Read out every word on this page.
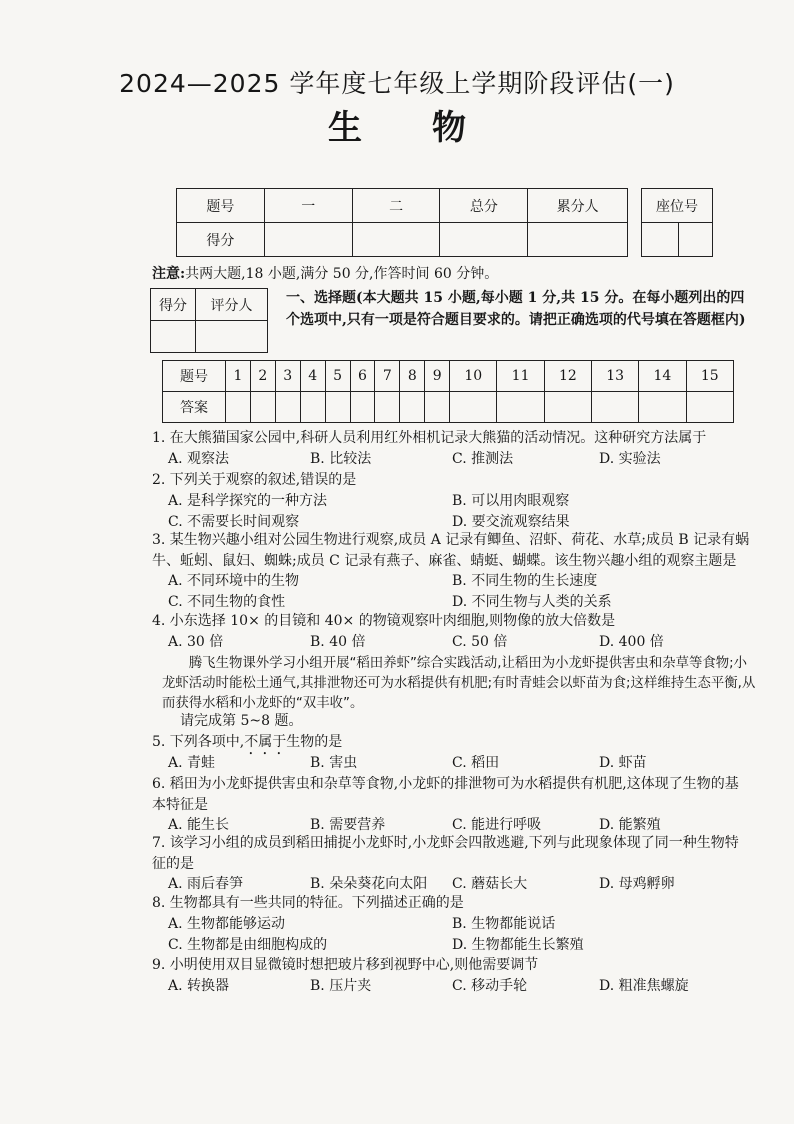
2024—2025 学年度七年级上学期阶段评估(一)
生物
题号	一	二	总分	累分人
得分				
座位号

注意:共两大题,18 小题,满分 50 分,作答时间 60 分钟。
得分	评分人
	一、选择题(本大题共 15 小题,每小题 1 分,共 15 分。在每小题列出的四个选项中,只有一项是符合题目要求的。请把正确选项的代号填在答题框内)
题号	1	2	3	4	5	6	7	8	9	10	11	12	13	14	15
答案															
1. 在大熊猫国家公园中,科研人员利用红外相机记录大熊猫的活动情况。这种研究方法属于
A. 观察法	B. 比较法	C. 推测法	D. 实验法
2. 下列关于观察的叙述,错误的是
A. 是科学探究的一种方法	B. 可以用肉眼观察
C. 不需要长时间观察	D. 要交流观察结果
3. 某生物兴趣小组对公园生物进行观察,成员 A 记录有鲫鱼、沼虾、荷花、水草;成员 B 记录有蜗牛、蚯蚓、鼠妇、蜘蛛;成员 C 记录有燕子、麻雀、蜻蜓、蝴蝶。该生物兴趣小组的观察主题是
A. 不同环境中的生物	B. 不同生物的生长速度
C. 不同生物的食性	D. 不同生物与人类的关系
4. 小东选择 10× 的目镜和 40× 的物镜观察叶肉细胞,则物像的放大倍数是
A. 30 倍	B. 40 倍	C. 50 倍	D. 400 倍
5. 下列各项中,不属于生物的是
A. 青蛙	B. 害虫	C. 稻田	D. 虾苗
6. 稻田为小龙虾提供害虫和杂草等食物,小龙虾的排泄物可为水稻提供有机肥,这体现了生物的基本特征是
A. 能生长	B. 需要营养	C. 能进行呼吸	D. 能繁殖
7. 该学习小组的成员到稻田捕捉小龙虾时,小龙虾会四散逃避,下列与此现象体现了同一种生物特征的是
A. 雨后春笋	B. 朵朵葵花向太阳 C. 蘑菇长大	D. 母鸡孵卵
8. 生物都具有一些共同的特征。下列描述正确的是
A. 生物都能够运动	B. 生物都能说话
C. 生物都是由细胞构成的	D. 生物都能生长繁殖
9. 小明使用双目显微镜时想把玻片移到视野中心,则他需要调节
A. 转换器	B. 压片夹	C. 移动手轮	D. 粗准焦螺旋
腾飞生物课外学习小组开展“稻田养虾”综合实践活动,让稻田为小龙虾提供害虫和杂草等食物;小龙虾活动时能松土通气,其排泄物还可为水稻提供有机肥;有时青蛙会以虾苗为食;这样维持生态平衡,从而获得水稻和小龙虾的“双丰收”。
请完成第 5~8 题。
